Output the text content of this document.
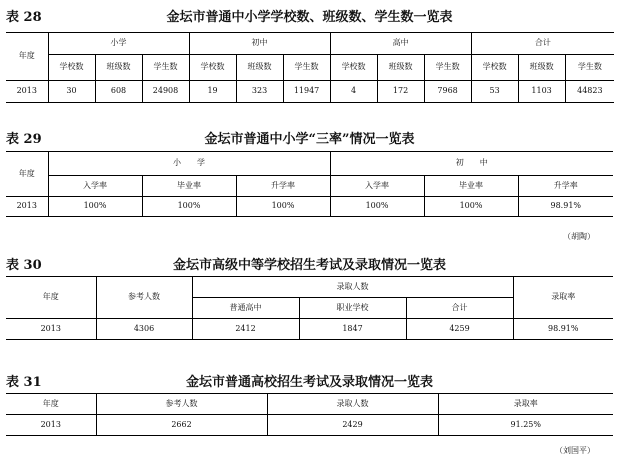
表 28	金坛市普通中小学学校数、班级数、学生数一览表
年度	小学			初中			高中			合计		
	学校数	班级数	学生数	学校数	班级数	学生数	学校数	班级数	学生数	学校数	班级数	学生数
2013	30	608	24908	19	323	11947	4	172	7968	53	1103	44823
表 29	金坛市普通中小学“三率”情况一览表
年度	小　　学			初　　中		
	入学率	毕业率	升学率	入学率	毕业率	升学率
2013	100%	100%	100%	100%	100%	98.91%
（胡陶）
表 30	金坛市高级中等学校招生考试及录取情况一览表
年度	参考人数	录取人数			录取率
		普通高中	职业学校	合计	
2013	4306	2412	1847	4259	98.91%
表 31	金坛市普通高校招生考试及录取情况一览表
年度	参考人数	录取人数	录取率
2013	2662	2429	91.25%
（刘国平）
